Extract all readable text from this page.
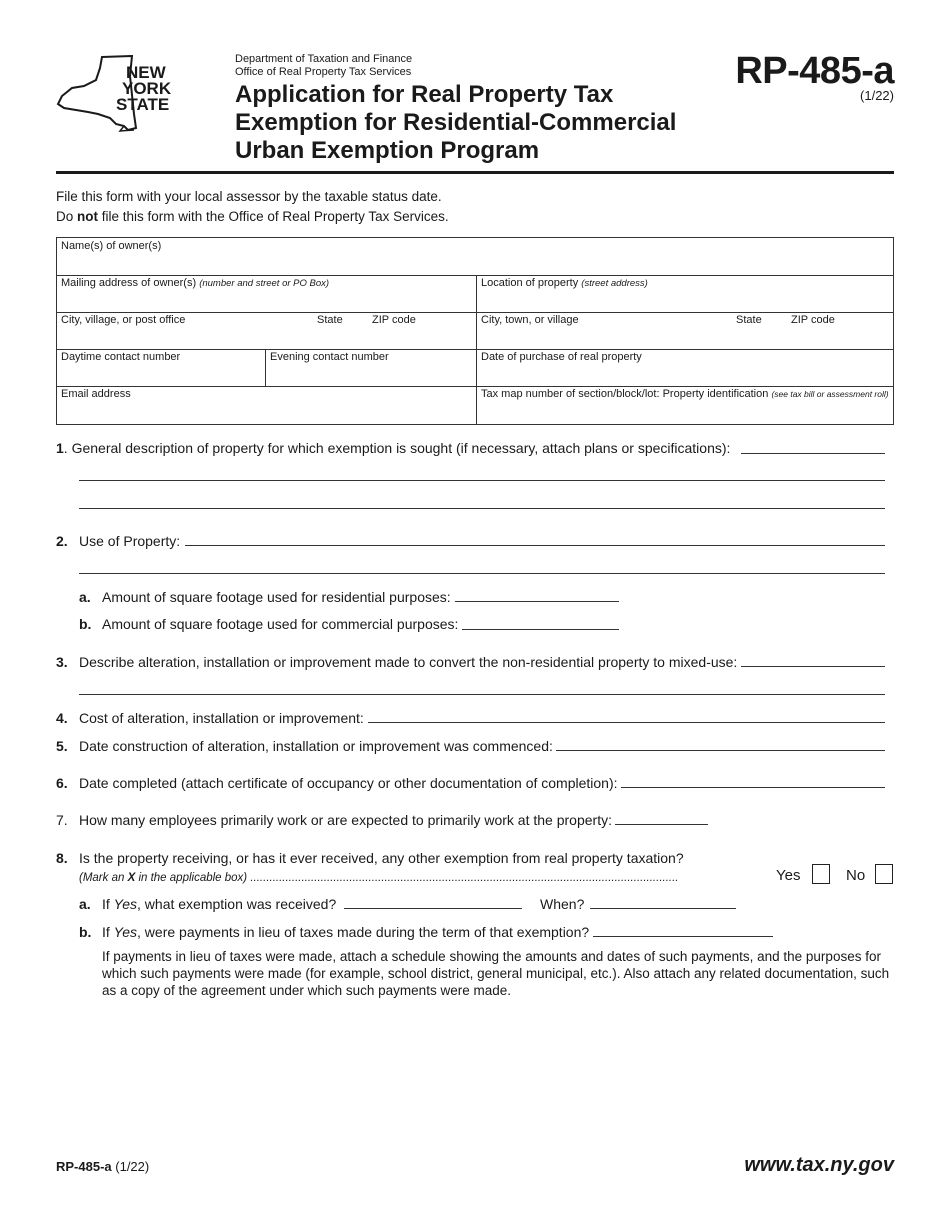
NEW
YORK
STATE
Department of Taxation and Finance
Office of Real Property Tax Services
Application for Real Property Tax
Exemption for Residential-Commercial
Urban Exemption Program
RP-485-a
(1/22)
File this form with your local assessor by the taxable status date.
Do not file this form with the Office of Real Property Tax Services.
Name(s) of owner(s)
Mailing address of owner(s) (number and street or PO Box)	Location of property (street address)
City, village, or post office	State	ZIP code	City, town, or village	State	ZIP code
Daytime contact number	Evening contact number	Date of purchase of real property
Email address	Tax map number of section/block/lot: Property identification (see tax bill or assessment roll)
1. General description of property for which exemption is sought (if necessary, attach plans or specifications):
2. Use of Property:
a. Amount of square footage used for residential purposes:
b. Amount of square footage used for commercial purposes:
3. Describe alteration, installation or improvement made to convert the non-residential property to mixed-use:
4. Cost of alteration, installation or improvement:
5. Date construction of alteration, installation or improvement was commenced:
6. Date completed (attach certificate of occupancy or other documentation of completion):
7. How many employees primarily work or are expected to primarily work at the property:
8. Is the property receiving, or has it ever received, any other exemption from real property taxation?
(Mark an X in the applicable box) ......................................................................................................................................	Yes	No
a. If Yes, what exemption was received?	When?
b. If Yes, were payments in lieu of taxes made during the term of that exemption?
If payments in lieu of taxes were made, attach a schedule showing the amounts and dates of such payments, and the purposes for which such payments were made (for example, school district, general municipal, etc.). Also attach any related documentation, such as a copy of the agreement under which such payments were made.
RP-485-a (1/22)	www.tax.ny.gov
